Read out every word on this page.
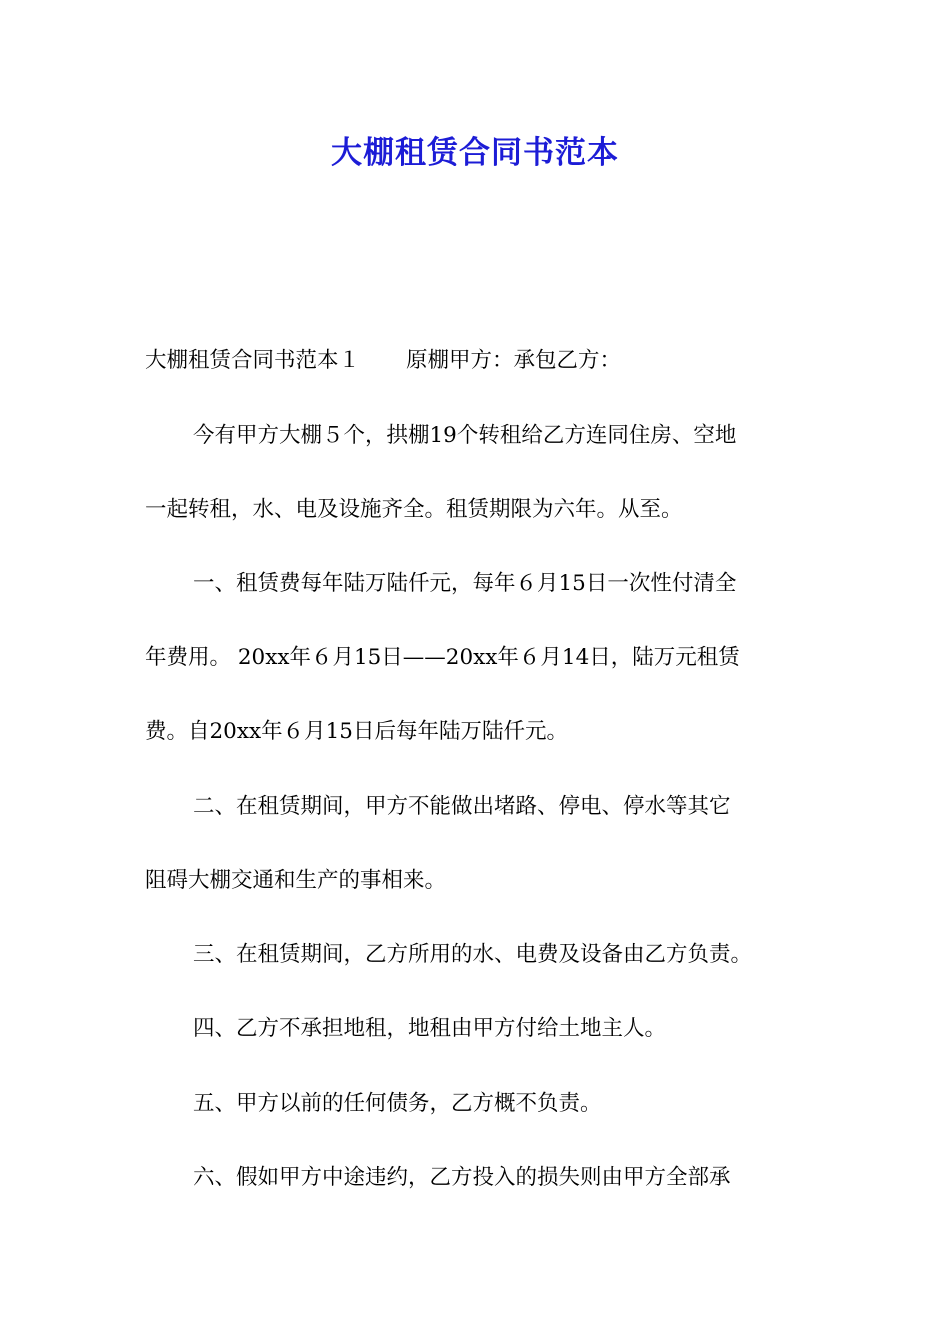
大棚租赁合同书范本

大棚租赁合同书范本１ 原棚甲方：承包乙方：

今有甲方大棚５个，拱棚19个转租给乙方连同住房、空地

一起转租，水、电及设施齐全。租赁期限为六年。从至。

一、租赁费每年陆万陆仟元，每年６月15日一次性付清全

年费用。 20xx年６月15日——20xx年６月14日，陆万元租赁

费。自20xx年６月15日后每年陆万陆仟元。

二、在租赁期间，甲方不能做出堵路、停电、停水等其它

阻碍大棚交通和生产的事相来。

三、在租赁期间，乙方所用的水、电费及设备由乙方负责。

四、乙方不承担地租，地租由甲方付给土地主人。

五、甲方以前的任何债务，乙方概不负责。

六、假如甲方中途违约，乙方投入的损失则由甲方全部承
